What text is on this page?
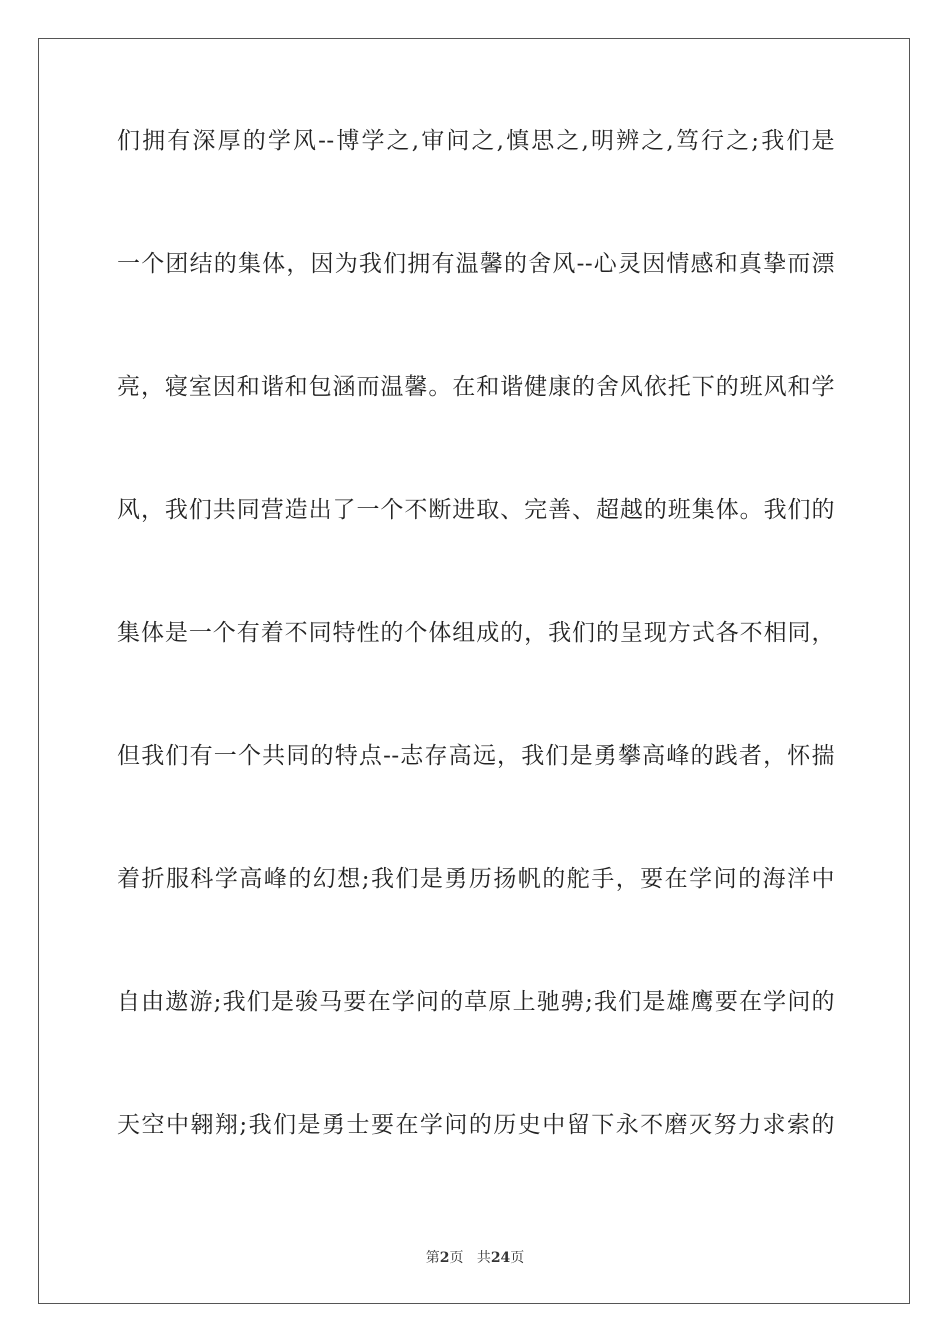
们拥有深厚的学风--博学之,审问之,慎思之,明辨之,笃行之;我们是
一个团结的集体，因为我们拥有温馨的舍风--心灵因情感和真挚而漂
亮，寝室因和谐和包涵而温馨。在和谐健康的舍风依托下的班风和学
风，我们共同营造出了一个不断进取、完善、超越的班集体。我们的
集体是一个有着不同特性的个体组成的，我们的呈现方式各不相同，
但我们有一个共同的特点--志存高远，我们是勇攀高峰的践者，怀揣
着折服科学高峰的幻想;我们是勇历扬帆的舵手，要在学问的海洋中
自由遨游;我们是骏马要在学问的草原上驰骋;我们是雄鹰要在学问的
天空中翱翔;我们是勇士要在学问的历史中留下永不磨灭努力求索的
第2页 共24页
